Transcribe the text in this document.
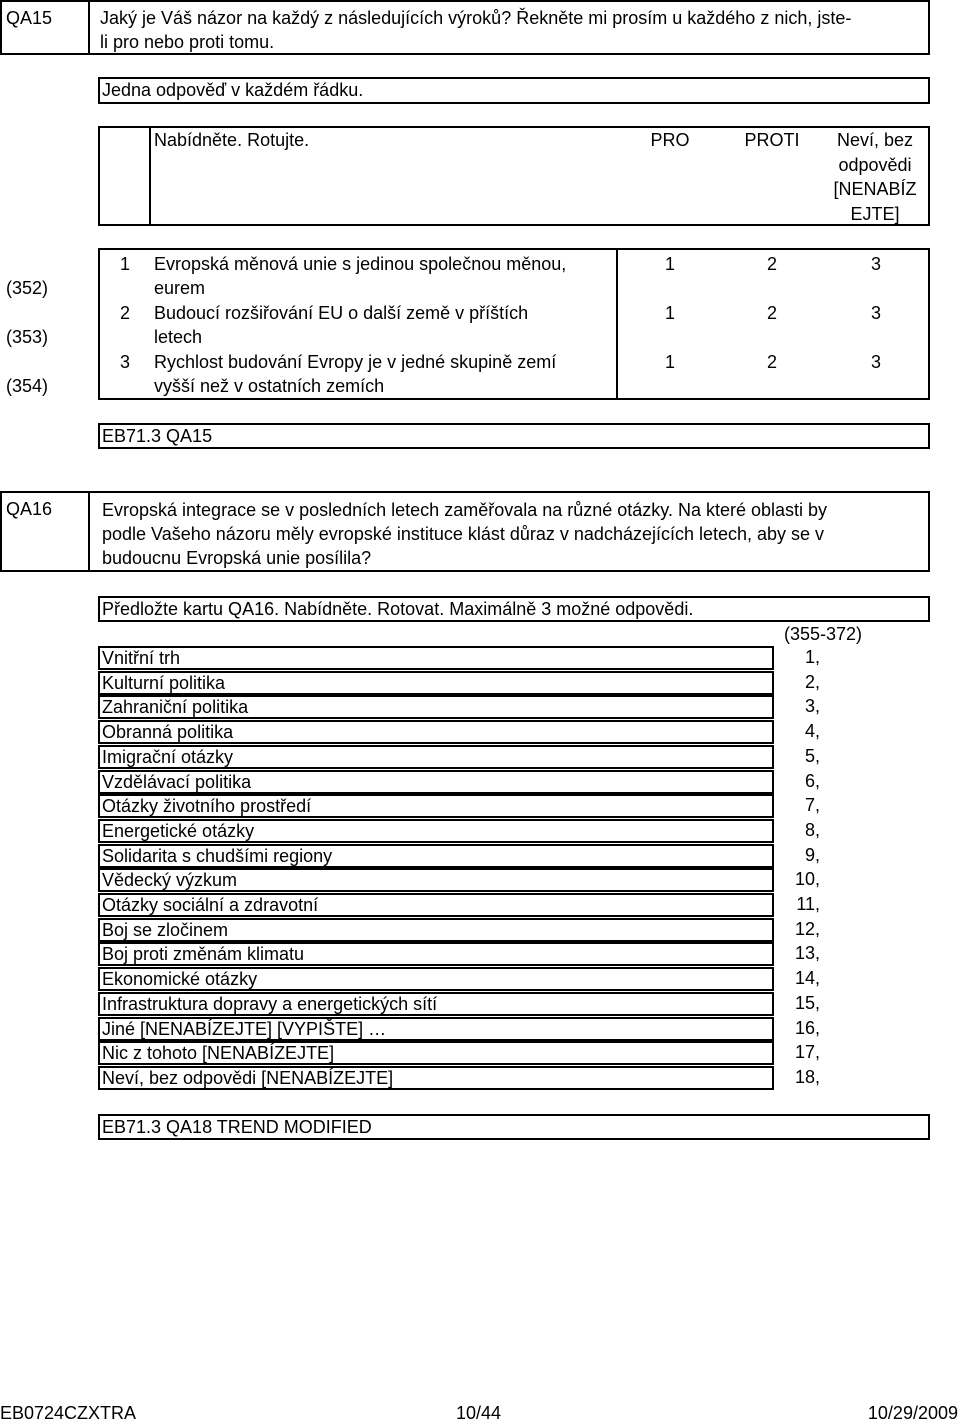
QA15	Jaký je Váš názor na každý z následujících výroků? Řekněte mi prosím u každého z nich, jste-
li pro nebo proti tomu.
Jedna odpověď v každém řádku.
Nabídněte. Rotujte.	PRO	PROTI	Neví, bez
odpovědi
[NENABÍZ
EJTE]
(352)
1	Evropská měnová unie s jedinou společnou měnou,
eurem
1	2	3
(353)
2	Budoucí rozšiřování EU o další země v příštích
letech
1	2	3
(354)
3	Rychlost budování Evropy je v jedné skupině zemí
vyšší než v ostatních zemích
1	2	3
EB71.3 QA15
QA16	Evropská integrace se v posledních letech zaměřovala na různé otázky. Na které oblasti by
podle Vašeho názoru měly evropské instituce klást důraz v nadcházejících letech, aby se v
budoucnu Evropská unie posílila?
Předložte kartu QA16. Nabídněte. Rotovat. Maximálně 3 možné odpovědi.
(355-372)
Vnitřní trh	1,
Kulturní politika	2,
Zahraniční politika	3,
Obranná politika	4,
Imigrační otázky	5,
Vzdělávací politika	6,
Otázky životního prostředí	7,
Energetické otázky	8,
Solidarita s chudšími regiony	9,
Vědecký výzkum	10,
Otázky sociální a zdravotní	11,
Boj se zločinem	12,
Boj proti změnám klimatu	13,
Ekonomické otázky	14,
Infrastruktura dopravy a energetických sítí	15,
Jiné [NENABÍZEJTE] [VYPIŠTE] …	16,
Nic z tohoto [NENABÍZEJTE]	17,
Neví, bez odpovědi [NENABÍZEJTE]	18,
EB71.3 QA18 TREND MODIFIED
EB0724CZXTRA	10/44	10/29/2009
